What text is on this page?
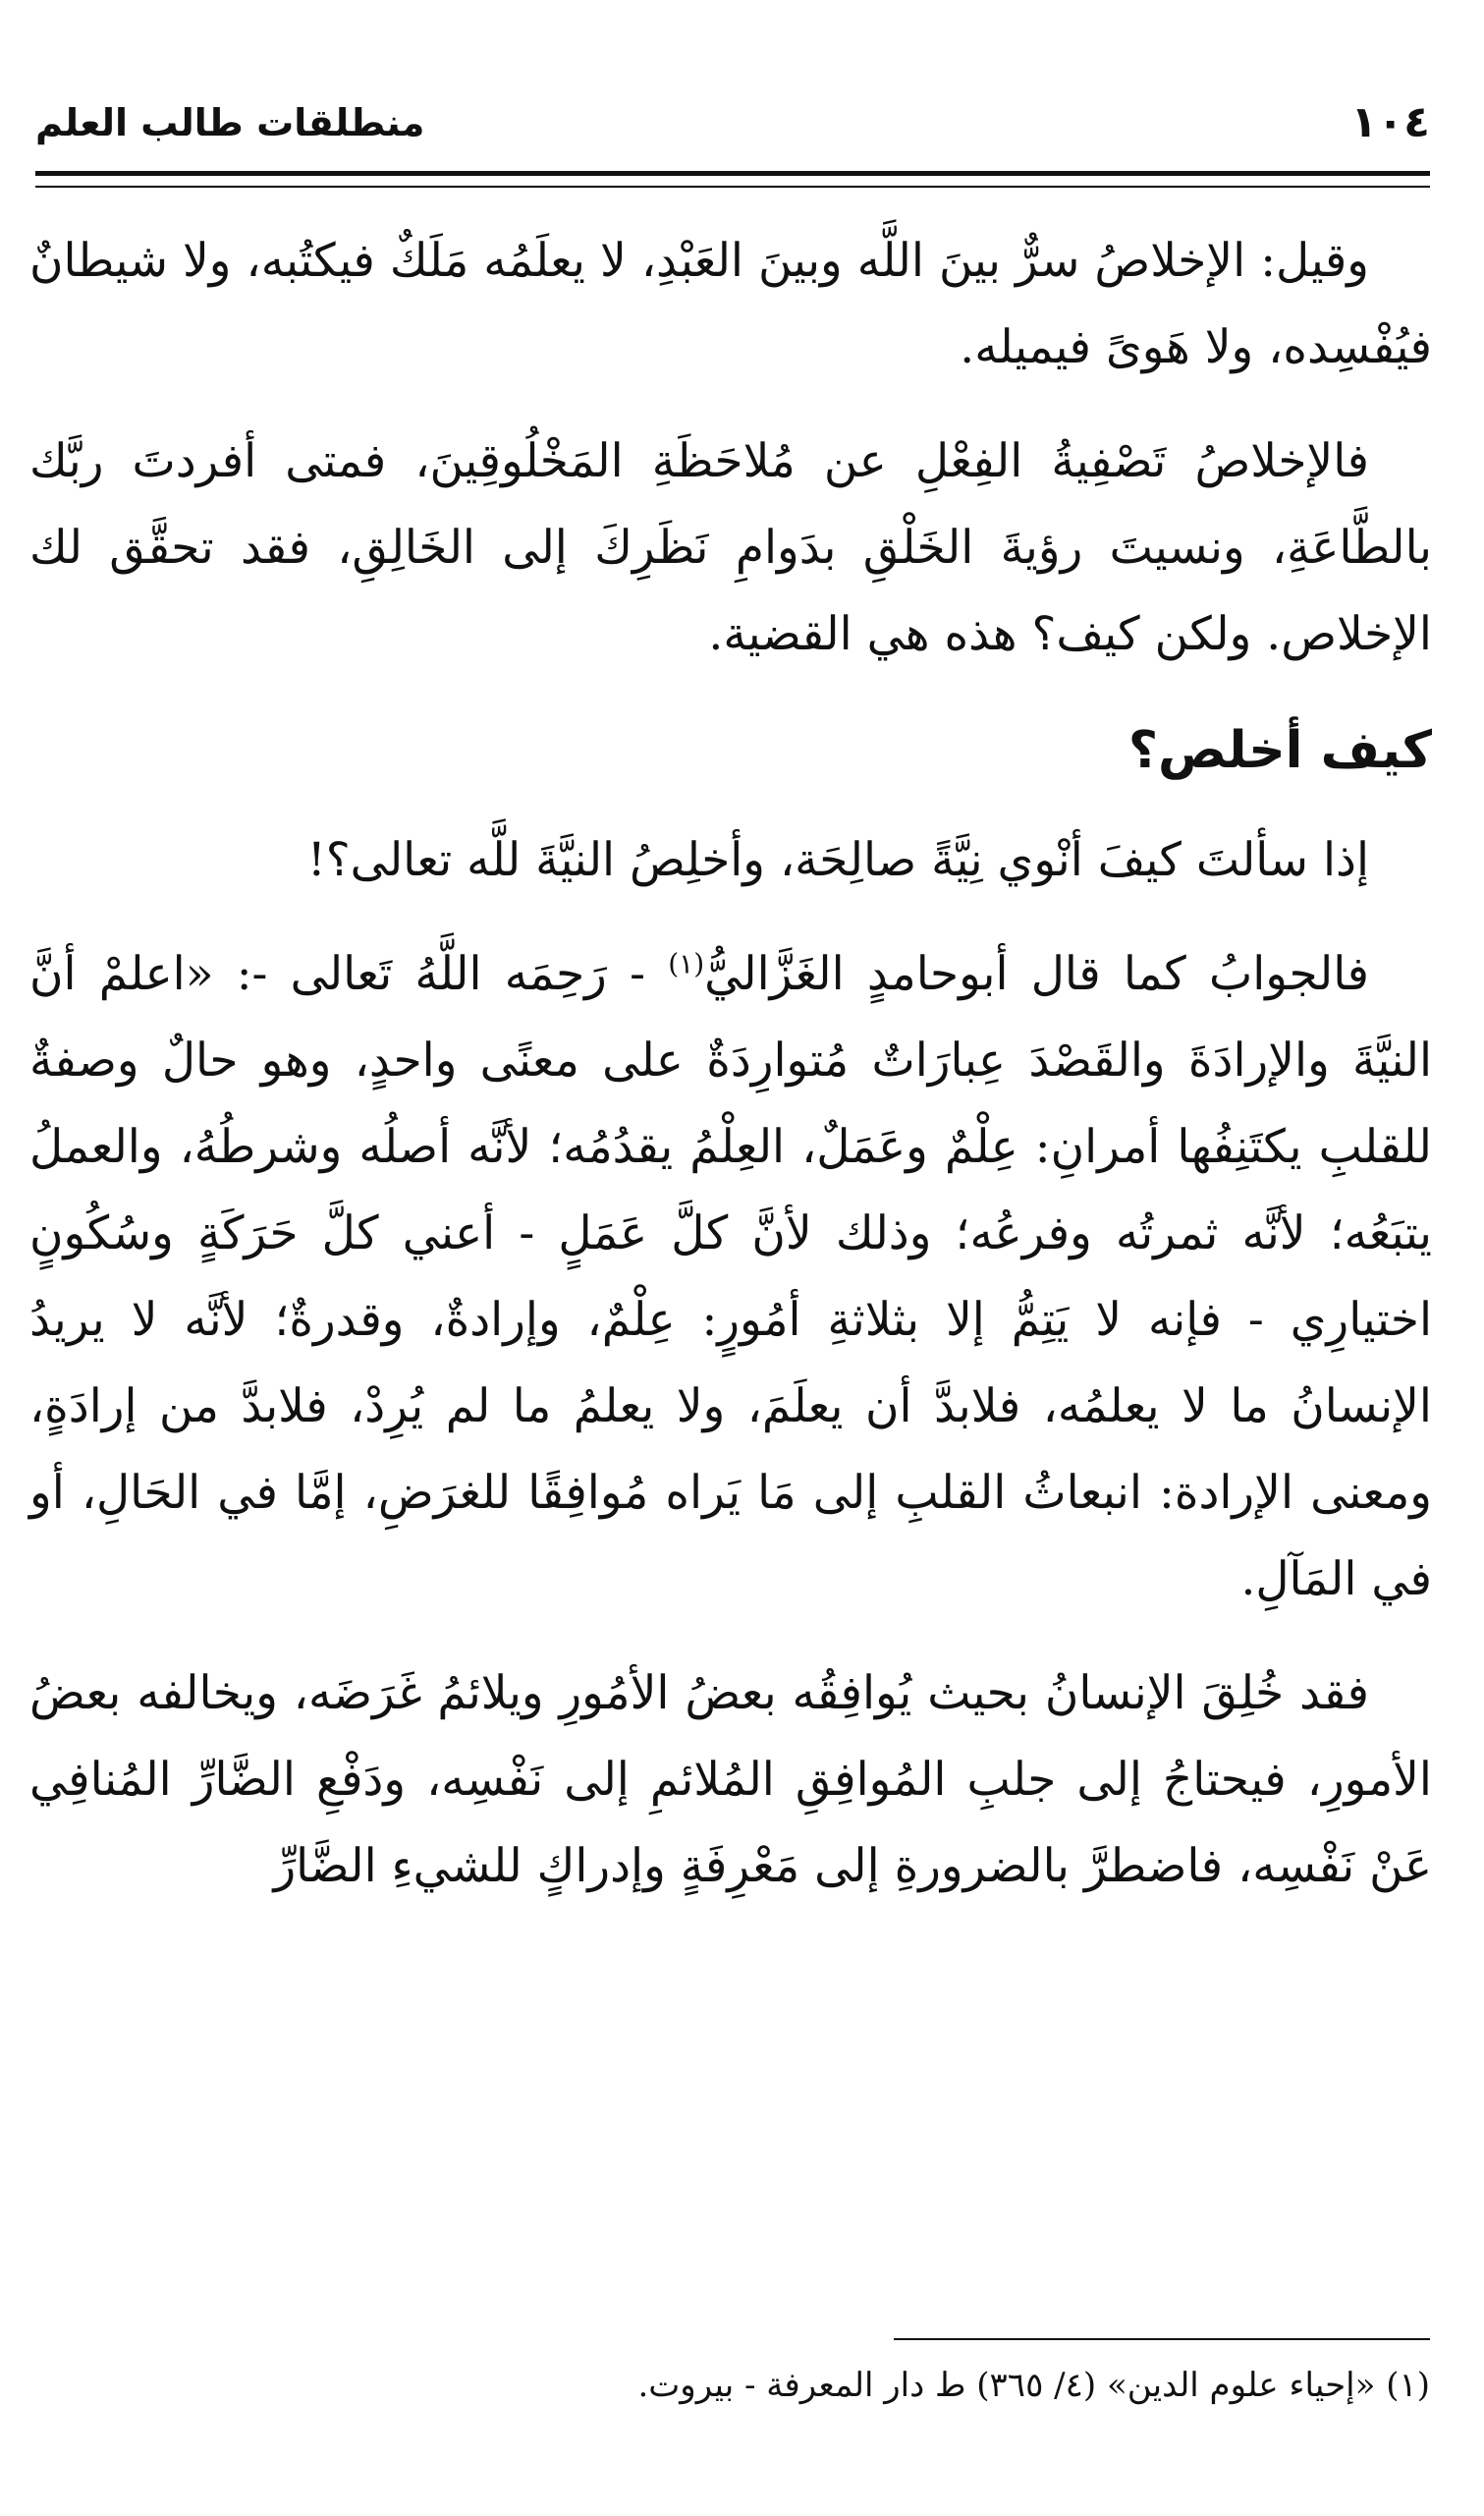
١٠٤
منطلقات طالب العلم

وقيل: الإخلاصُ سرٌّ بينَ اللَّه وبينَ العَبْدِ، لا يعلَمُه مَلَكٌ فيكتُبه، ولا شيطانٌ فيُفْسِده، ولا هَوىً فيميله.

فالإخلاصُ تَصْفِيةُ الفِعْلِ عن مُلاحَظَةِ المَخْلُوقِينَ، فمتى أفردتَ ربَّك بالطَّاعَةِ، ونسيتَ رؤيةَ الخَلْقِ بدَوامِ نَظَرِكَ إلى الخَالِقِ، فقد تحقَّق لك الإخلاص. ولكن كيف؟ هذه هي القضية.

كيف أخلص؟

إذا سألتَ كيفَ أنْوي نِيَّةً صالِحَة، وأخلِصُ النيَّةَ للَّه تعالى؟!

فالجوابُ كما قال أبوحامدٍ الغَزَّاليُّ$^{(١)}$ - رَحِمَه اللَّهُ تَعالى -: «اعلمْ أنَّ النيَّةَ والإرادَةَ والقَصْدَ عِبارَاتٌ مُتوارِدَةٌ على معنًى واحدٍ، وهو حالٌ وصفةٌ للقلبِ يكتَنِفُها أمرانِ: عِلْمٌ وعَمَلٌ، العِلْمُ يقدُمُه؛ لأنَّه أصلُه وشرطُهُ، والعملُ يتبَعُه؛ لأنَّه ثمرتُه وفرعُه؛ وذلك لأنَّ كلَّ عَمَلٍ - أعني كلَّ حَرَكَةٍ وسُكُونٍ اختيارِي - فإنه لا يَتِمُّ إلا بثلاثةِ أمُورٍ: عِلْمٌ، وإرادةٌ، وقدرةٌ؛ لأنَّه لا يريدُ الإنسانُ ما لا يعلمُه، فلابدَّ أن يعلَمَ، ولا يعلمُ ما لم يُرِدْ، فلابدَّ من إرادَةٍ، ومعنى الإرادة: انبعاثُ القلبِ إلى مَا يَراه مُوافِقًا للغرَضِ، إمَّا في الحَالِ، أو في المَآلِ.

فقد خُلِقَ الإنسانُ بحيث يُوافِقُه بعضُ الأمُورِ ويلائمُ غَرَضَه، ويخالفه بعضُ الأمورِ، فيحتاجُ إلى جلبِ المُوافِقِ المُلائمِ إلى نَفْسِه، ودَفْعِ الضَّارِّ المُنافِي عَنْ نَفْسِه، فاضطرَّ بالضرورةِ إلى مَعْرِفَةٍ وإدراكٍ للشيءِ الضَّارِّ

(١) «إحياء علوم الدين» (٤/ ٣٦٥) ط دار المعرفة - بيروت.
